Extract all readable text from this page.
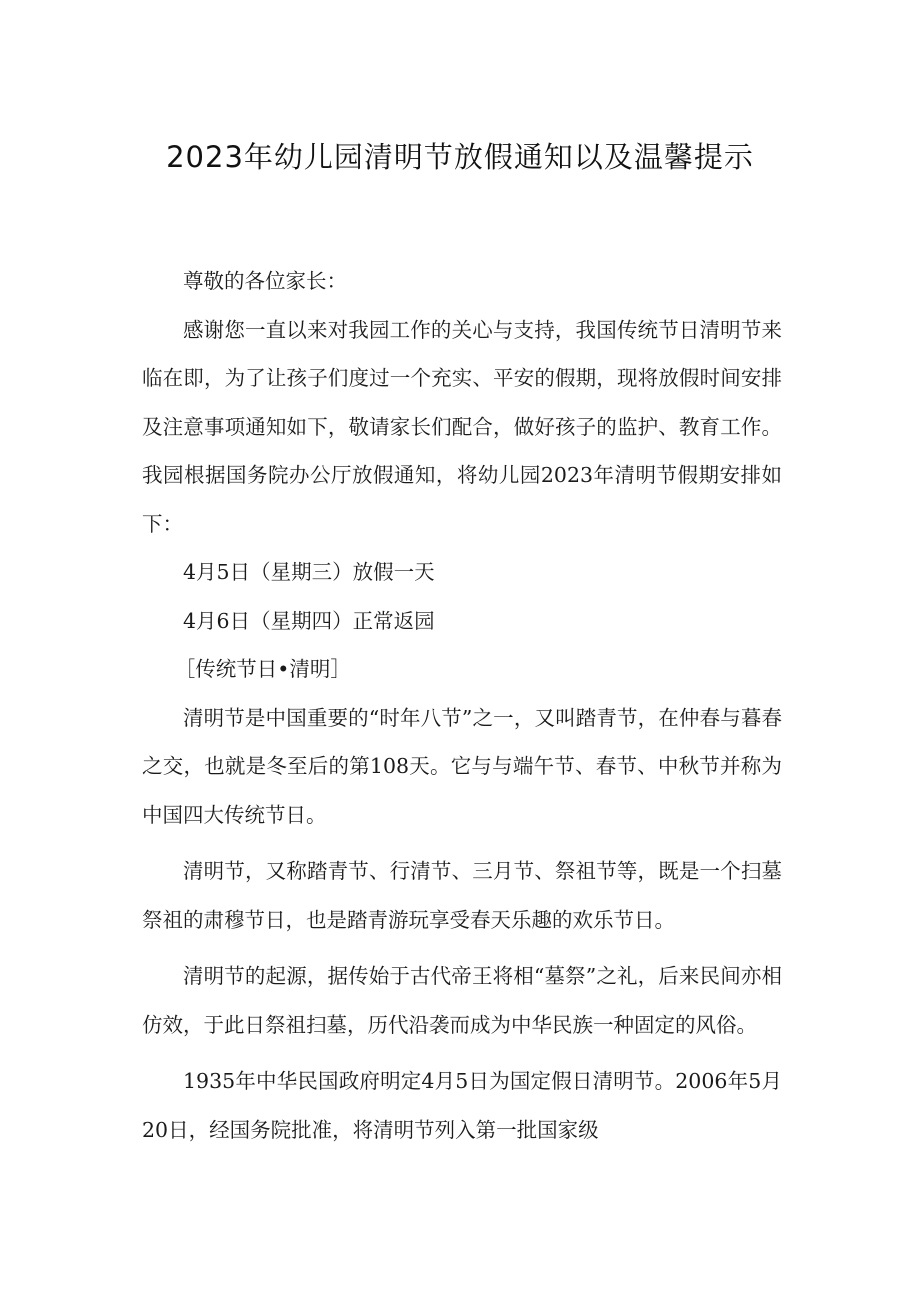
2023年幼儿园清明节放假通知以及温馨提示

尊敬的各位家长：

感谢您一直以来对我园工作的关心与支持，我国传统节日清明节来临在即，为了让孩子们度过一个充实、平安的假期，现将放假时间安排及注意事项通知如下，敬请家长们配合，做好孩子的监护、教育工作。我园根据国务院办公厅放假通知，将幼儿园2023年清明节假期安排如下：

4月5日（星期三）放假一天

4月6日（星期四）正常返园

［传统节日•清明］

清明节是中国重要的“时年八节”之一，又叫踏青节，在仲春与暮春之交，也就是冬至后的第108天。它与与端午节、春节、中秋节并称为中国四大传统节日。

清明节，又称踏青节、行清节、三月节、祭祖节等，既是一个扫墓祭祖的肃穆节日，也是踏青游玩享受春天乐趣的欢乐节日。

清明节的起源，据传始于古代帝王将相“墓祭”之礼，后来民间亦相仿效，于此日祭祖扫墓，历代沿袭而成为中华民族一种固定的风俗。

1935年中华民国政府明定4月5日为国定假日清明节。2006年5月20日，经国务院批准，将清明节列入第一批国家级
